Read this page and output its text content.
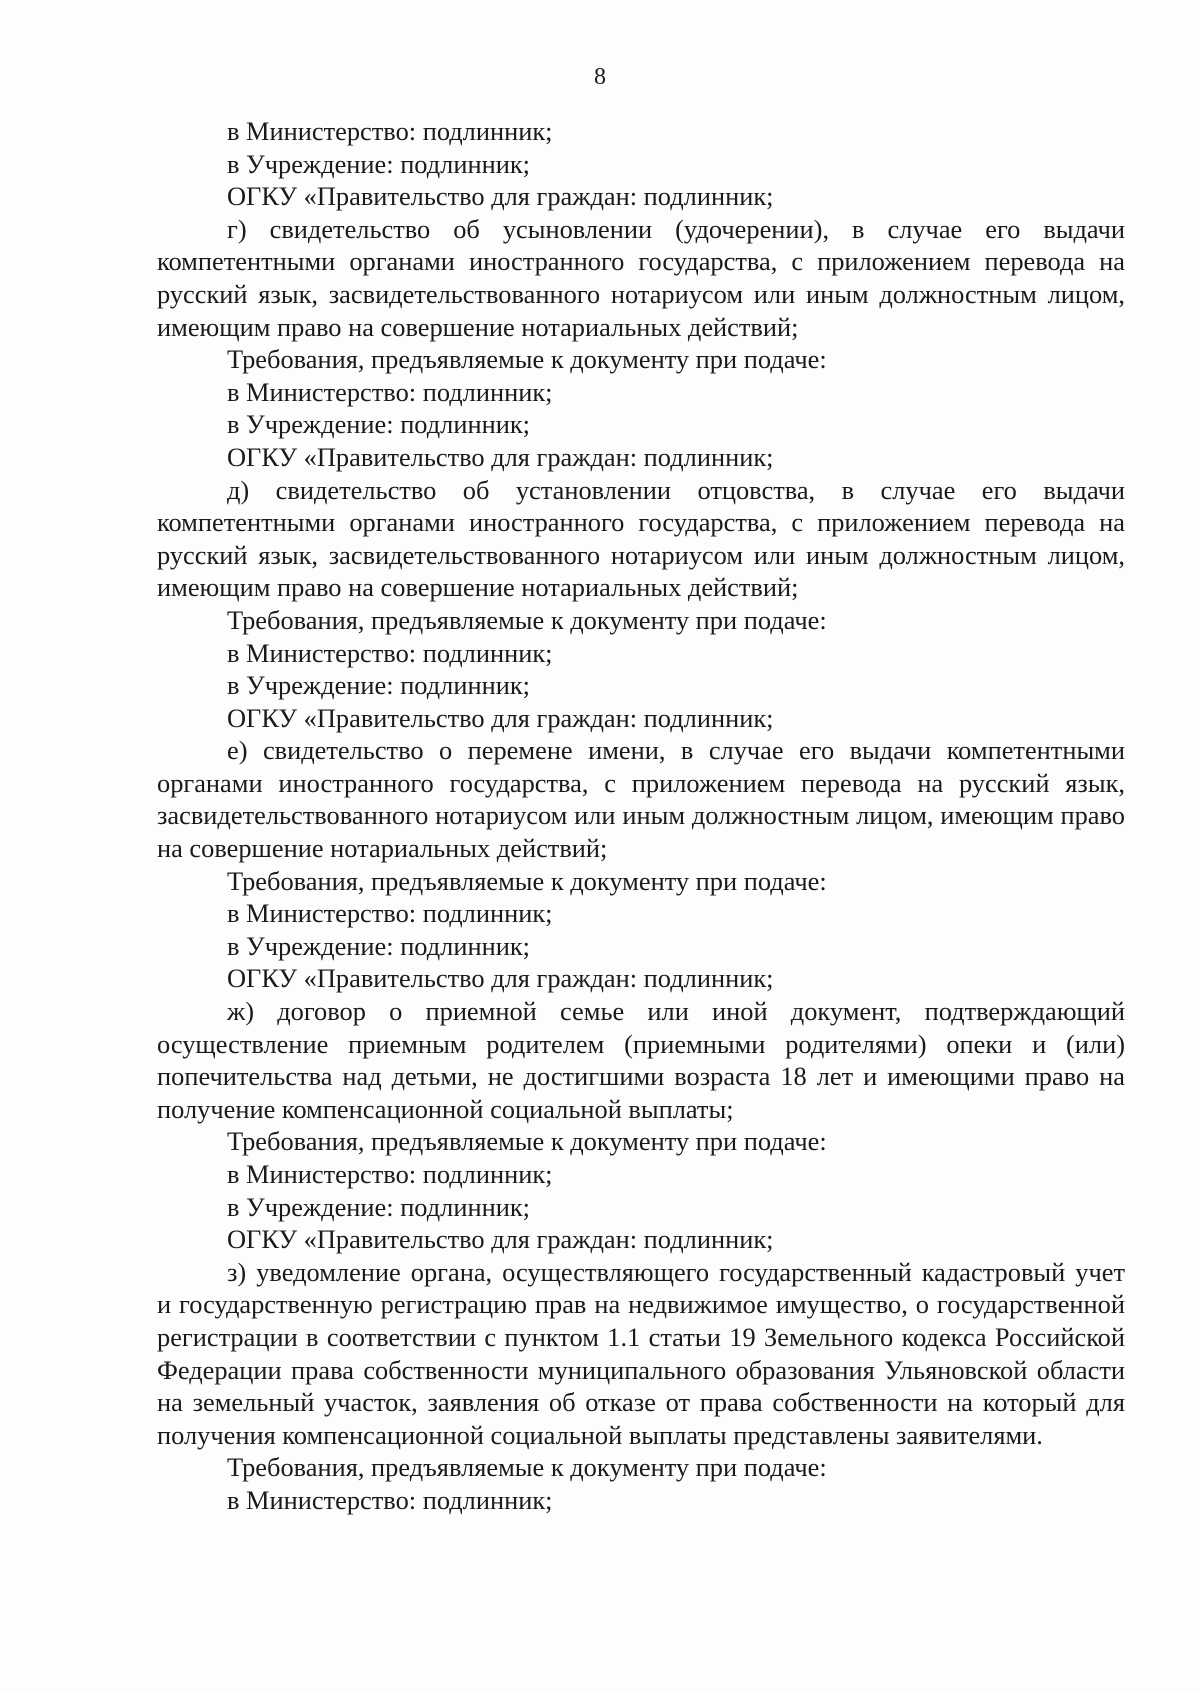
8

в Министерство: подлинник;

в Учреждение: подлинник;

ОГКУ «Правительство для граждан: подлинник;

г) свидетельство об усыновлении (удочерении), в случае его выдачи компетентными органами иностранного государства, с приложением перевода на русский язык, засвидетельствованного нотариусом или иным должностным лицом, имеющим право на совершение нотариальных действий;

Требования, предъявляемые к документу при подаче:

в Министерство: подлинник;

в Учреждение: подлинник;

ОГКУ «Правительство для граждан: подлинник;

д) свидетельство об установлении отцовства, в случае его выдачи компетентными органами иностранного государства, с приложением перевода на русский язык, засвидетельствованного нотариусом или иным должностным лицом, имеющим право на совершение нотариальных действий;

Требования, предъявляемые к документу при подаче:

в Министерство: подлинник;

в Учреждение: подлинник;

ОГКУ «Правительство для граждан: подлинник;

е) свидетельство о перемене имени, в случае его выдачи компетентными органами иностранного государства, с приложением перевода на русский язык, засвидетельствованного нотариусом или иным должностным лицом, имеющим право на совершение нотариальных действий;

Требования, предъявляемые к документу при подаче:

в Министерство: подлинник;

в Учреждение: подлинник;

ОГКУ «Правительство для граждан: подлинник;

ж) договор о приемной семье или иной документ, подтверждающий осуществление приемным родителем (приемными родителями) опеки и (или) попечительства над детьми, не достигшими возраста 18 лет и имеющими право на получение компенсационной социальной выплаты;

Требования, предъявляемые к документу при подаче:

в Министерство: подлинник;

в Учреждение: подлинник;

ОГКУ «Правительство для граждан: подлинник;

з) уведомление органа, осуществляющего государственный кадастровый учет и государственную регистрацию прав на недвижимое имущество, о государственной регистрации в соответствии с пунктом 1.1 статьи 19 Земельного кодекса Российской Федерации права собственности муниципального образования Ульяновской области на земельный участок, заявления об отказе от права собственности на который для получения компенсационной социальной выплаты представлены заявителями.

Требования, предъявляемые к документу при подаче:

в Министерство: подлинник;
